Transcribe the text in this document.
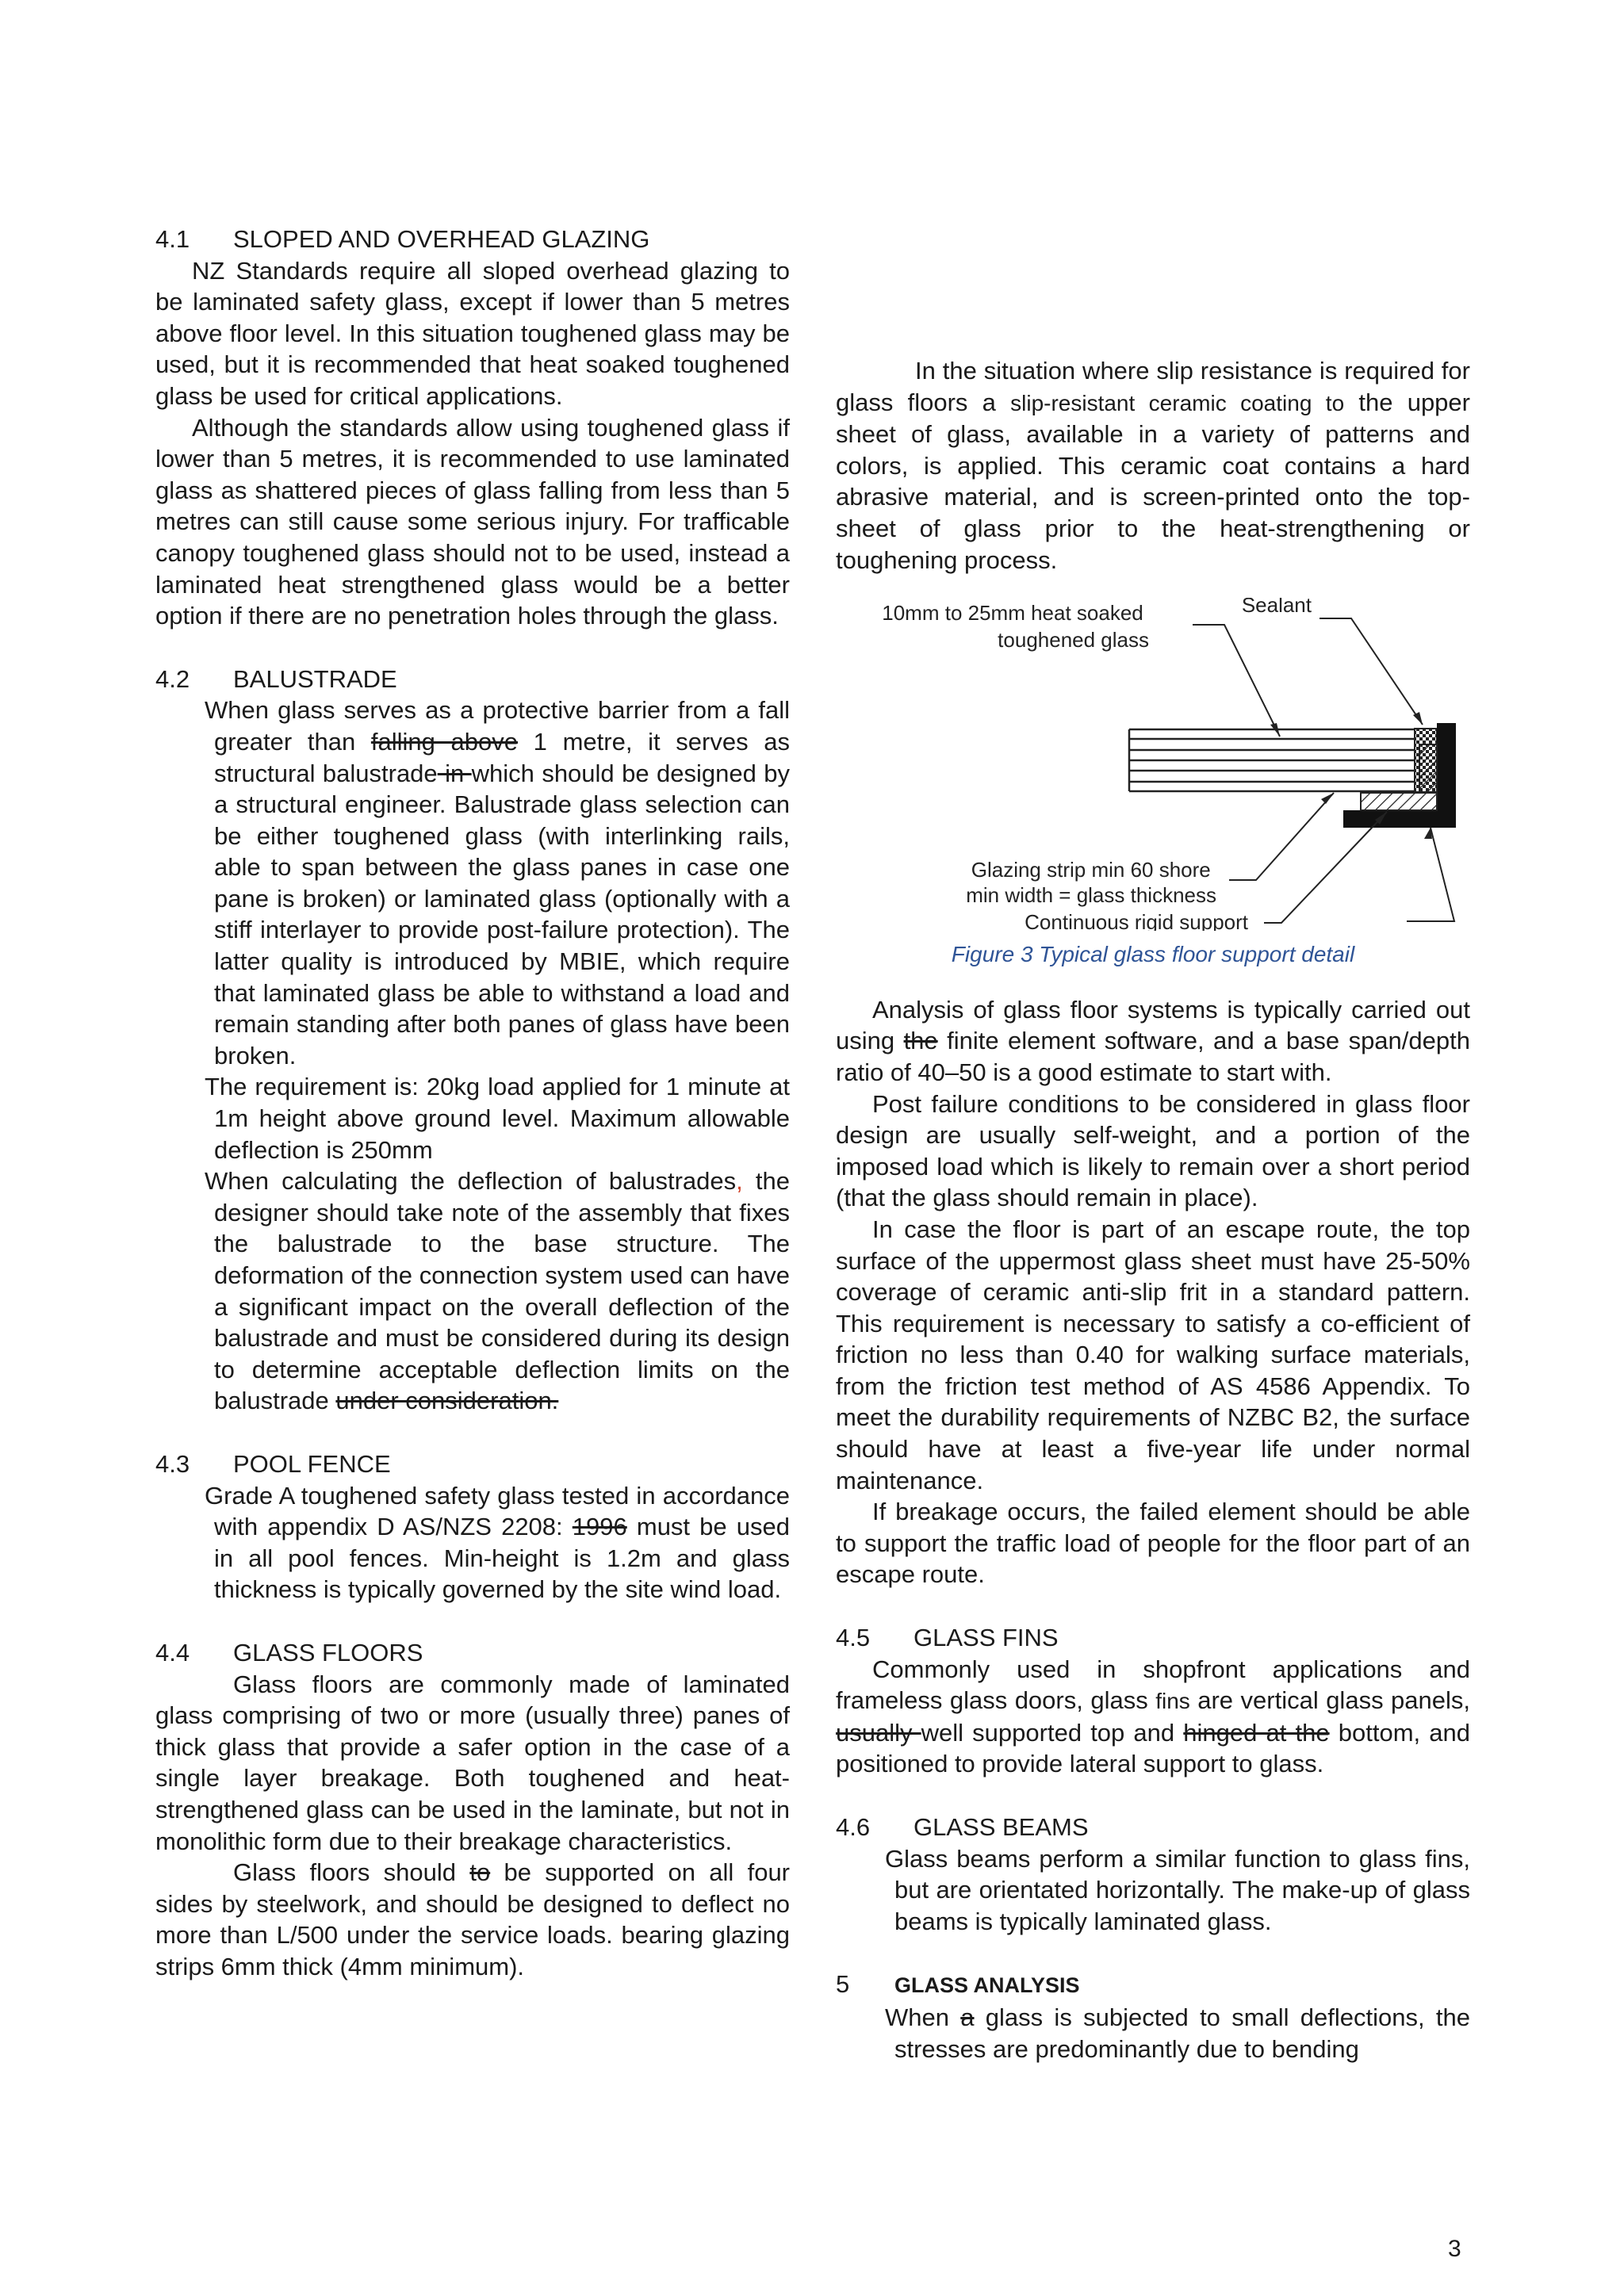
4.1 SLOPED AND OVERHEAD GLAZING

NZ Standards require all sloped overhead glazing to be laminated safety glass, except if lower than 5 metres above floor level. In this situation toughened glass may be used, but it is recommended that heat soaked toughened glass be used for critical applications.

Although the standards allow using toughened glass if lower than 5 metres, it is recommended to use laminated glass as shattered pieces of glass falling from less than 5 metres can still cause some serious injury. For trafficable canopy toughened glass should not to be used, instead a laminated heat strengthened glass would be a better option if there are no penetration holes through the glass.

4.2 BALUSTRADE

When glass serves as a protective barrier from a fall greater than falling above 1 metre, it serves as structural balustrade in which should be designed by a structural engineer. Balustrade glass selection can be either toughened glass (with interlinking rails, able to span between the glass panes in case one pane is broken) or laminated glass (optionally with a stiff interlayer to provide post-failure protection). The latter quality is introduced by MBIE, which require that laminated glass be able to withstand a load and remain standing after both panes of glass have been broken.

The requirement is: 20kg load applied for 1 minute at 1m height above ground level. Maximum allowable deflection is 250mm

When calculating the deflection of balustrades, the designer should take note of the assembly that fixes the balustrade to the base structure. The deformation of the connection system used can have a significant impact on the overall deflection of the balustrade and must be considered during its design to determine acceptable deflection limits on the balustrade under consideration.

4.3 POOL FENCE

Grade A toughened safety glass tested in accordance with appendix D AS/NZS 2208: 1996 must be used in all pool fences. Min-height is 1.2m and glass thickness is typically governed by the site wind load.

4.4 GLASS FLOORS

Glass floors are commonly made of laminated glass comprising of two or more (usually three) panes of thick glass that provide a safer option in the case of a single layer breakage. Both toughened and heat-strengthened glass can be used in the laminate, but not in monolithic form due to their breakage characteristics.

Glass floors should to be supported on all four sides by steelwork, and should be designed to deflect no more than L/500 under the service loads. bearing glazing strips 6mm thick (4mm minimum).

In the situation where slip resistance is required for glass floors a slip-resistant ceramic coating to the upper sheet of glass, available in a variety of patterns and colors, is applied. This ceramic coat contains a hard abrasive material, and is screen-printed onto the top-sheet of glass prior to the heat-strengthening or toughening process.

10mm to 25mm heat soaked toughened glass
Sealant
Glazing strip min 60 shore min width = glass thickness
Continuous rigid support
Figure 3 Typical glass floor support detail

Analysis of glass floor systems is typically carried out using the finite element software, and a base span/depth ratio of 40–50 is a good estimate to start with.

Post failure conditions to be considered in glass floor design are usually self-weight, and a portion of the imposed load which is likely to remain over a short period (that the glass should remain in place).

In case the floor is part of an escape route, the top surface of the uppermost glass sheet must have 25-50% coverage of ceramic anti-slip frit in a standard pattern. This requirement is necessary to satisfy a co-efficient of friction no less than 0.40 for walking surface materials, from the friction test method of AS 4586 Appendix. To meet the durability requirements of NZBC B2, the surface should have at least a five-year life under normal maintenance.

If breakage occurs, the failed element should be able to support the traffic load of people for the floor part of an escape route.

4.5 GLASS FINS

Commonly used in shopfront applications and frameless glass doors, glass fins are vertical glass panels, usually well supported top and hinged at the bottom, and positioned to provide lateral support to glass.

4.6 GLASS BEAMS

Glass beams perform a similar function to glass fins, but are orientated horizontally. The make-up of glass beams is typically laminated glass.

5 GLASS ANALYSIS

When a glass is subjected to small deflections, the stresses are predominantly due to bending

3
